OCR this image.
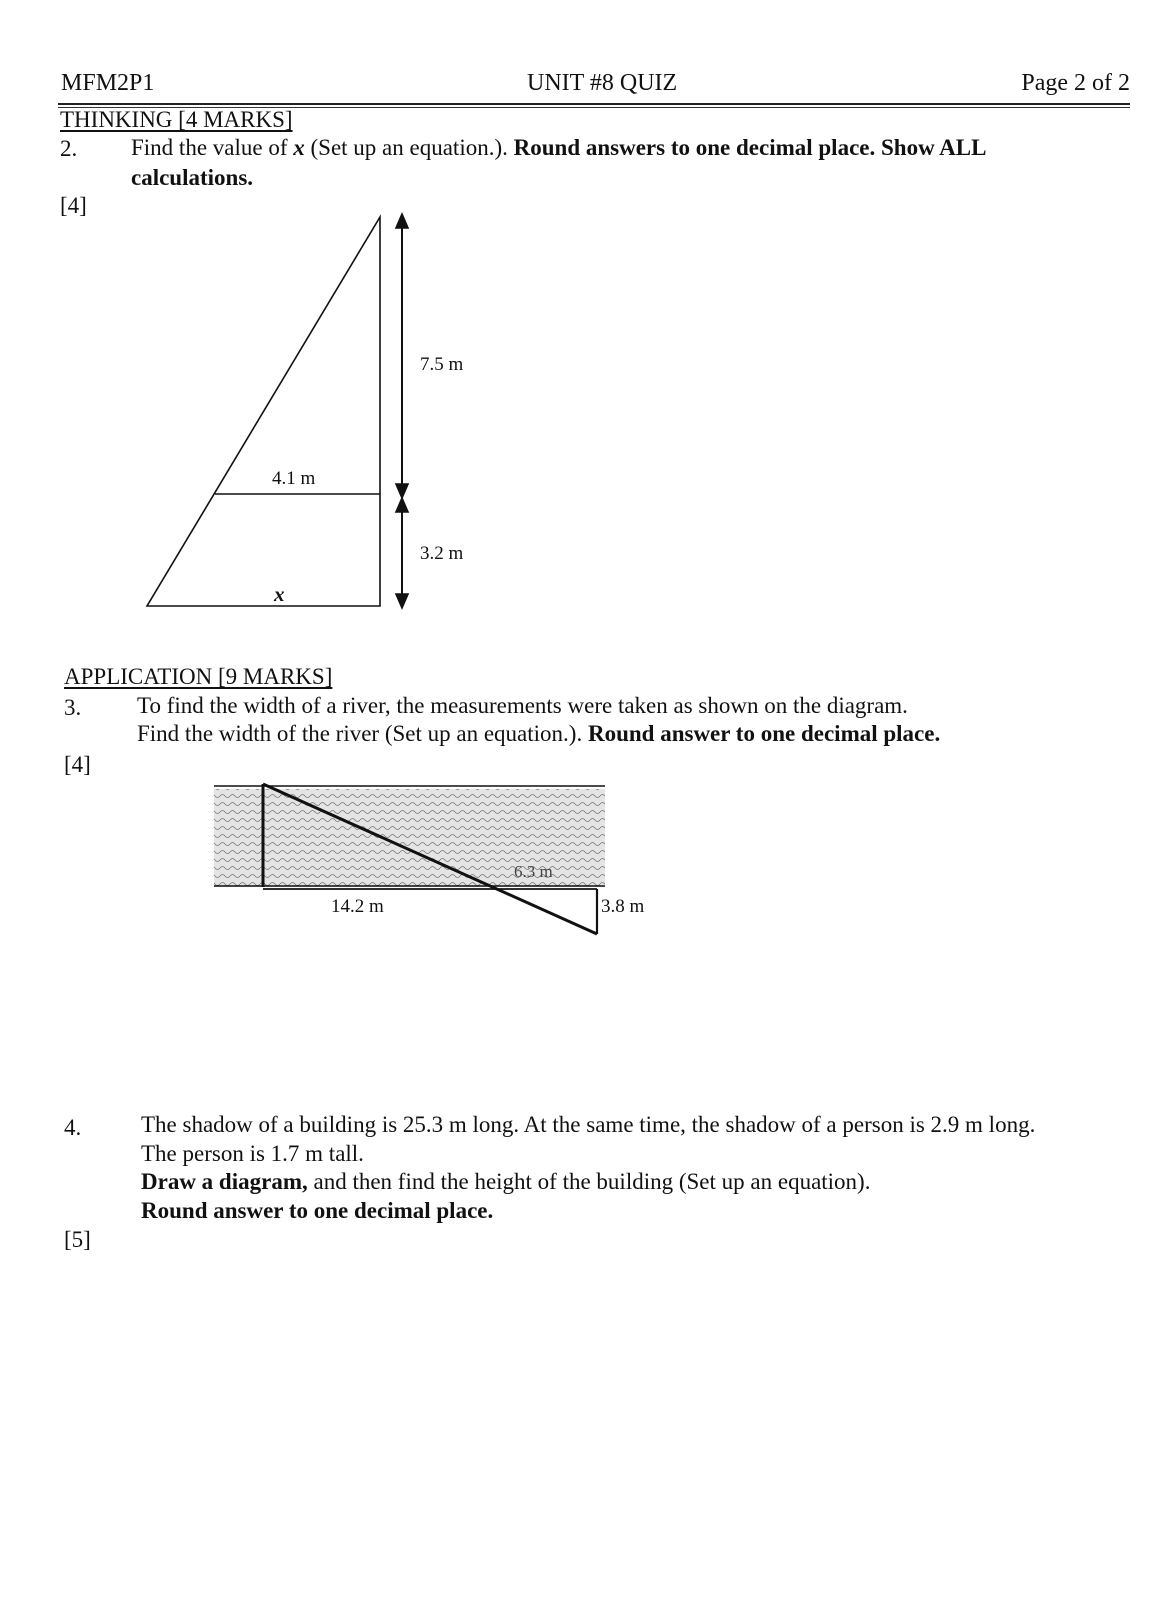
MFM2P1	UNIT #8 QUIZ	Page 2 of 2
THINKING [4 MARKS]
2. Find the value of x (Set up an equation.). Round answers to one decimal place. Show ALL calculations.
[4]
7.5 m
4.1 m
3.2 m
x
APPLICATION [9 MARKS]
3. To find the width of a river, the measurements were taken as shown on the diagram.
Find the width of the river (Set up an equation.). Round answer to one decimal place.
[4]
14.2 m
6.3 m
3.8 m
4.	The shadow of a building is 25.3 m long. At the same time, the shadow of a person is 2.9 m long.
The person is 1.7 m tall.
Draw a diagram, and then find the height of the building (Set up an equation).
Round answer to one decimal place.
[5]
